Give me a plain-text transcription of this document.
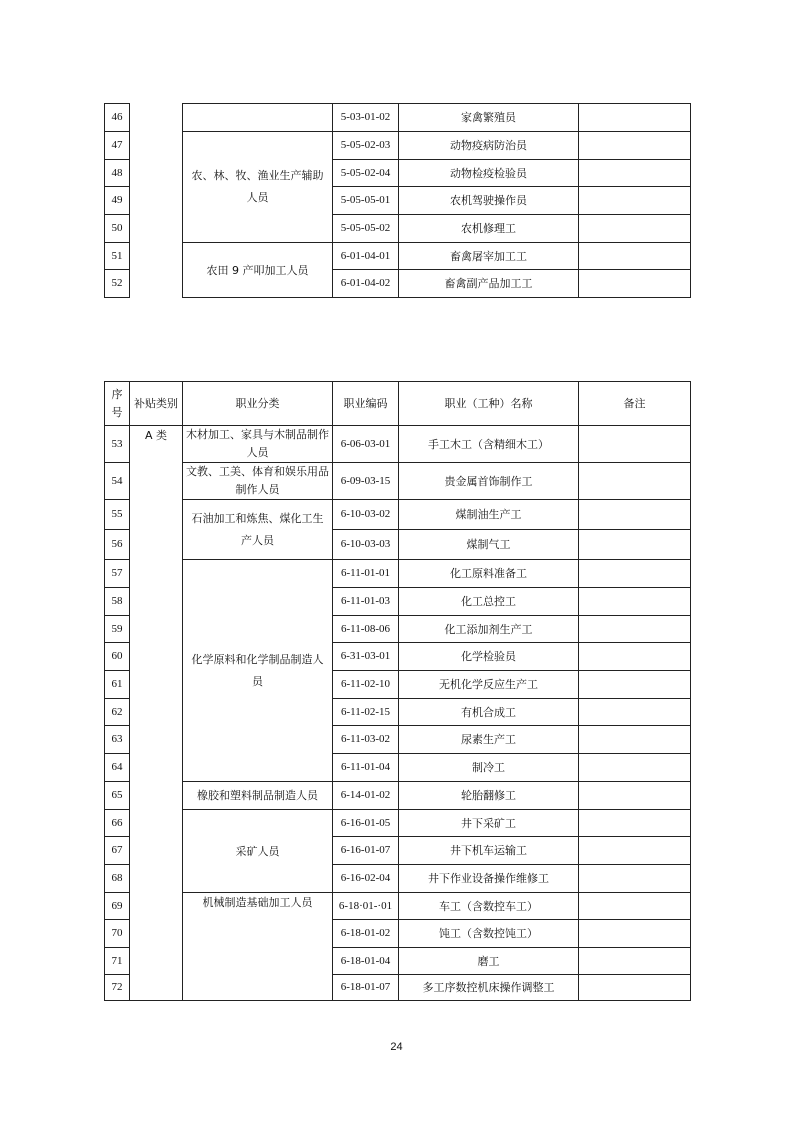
46			5-03-01-02	家禽繁殖员	
47		农、林、牧、渔业生产辅助人员	5-05-02-03	动物疫病防治员	
48			5-05-02-04	动物检疫检验员	
49			5-05-05-01	农机驾驶操作员	
50			5-05-05-02	农机修理工	
51		农田 9 产叩加工人员	6-01-04-01	畜禽屠宰加工工	
52			6-01-04-02	畜禽副产品加工工	
序号	补贴类别	职业分类	职业编码	职业（工种）名称	备注
53	A 类	木材加工、家具与木制品制作人员	6-06-03-01	手工木工（含精细木工）	
54		文教、工美、体育和娱乐用品制作人员	6-09-03-15	贵金属首饰制作工	
55		石油加工和炼焦、煤化工生产人员	6-10-03-02	煤制油生产工	
56			6-10-03-03	煤制气工	
57		化学原料和化学制品制造人员	6-11-01-01	化工原料准备工	
58			6-11-01-03	化工总控工	
59			6-11-08-06	化工添加剂生产工	
60			6-31-03-01	化学检验员	
61			6-11-02-10	无机化学反应生产工	
62			6-11-02-15	有机合成工	
63			6-11-03-02	尿素生产工	
64			6-11-01-04	制冷工	
65		橡胶和塑料制品制造人员	6-14-01-02	轮胎翻修工	
66		采矿人员	6-16-01-05	井下采矿工	
67			6-16-01-07	井下机车运输工	
68			6-16-02-04	井下作业设备操作维修工	
69		机械制造基础加工人员	6-18·01-·01	车工（含数控车工）	
70			6-18-01-02	饨工（含数控饨工）	
71			6-18-01-04	磨工	
72			6-18-01-07	多工序数控机床操作调整工	
24
